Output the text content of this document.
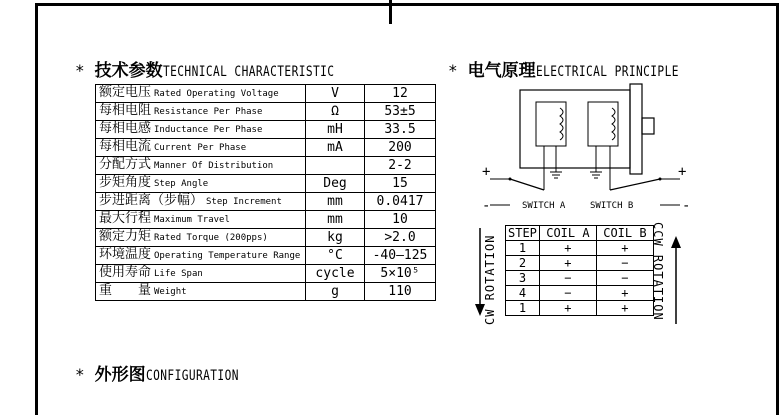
* 技术参数TECHNICAL CHARACTERISTIC
额定电压 Rated Operating Voltage	V	12
每相电阻 Resistance Per Phase	Ω	53±5
每相电感 Inductance Per Phase	mH	33.5
每相电流 Current Per Phase	mA	200
分配方式 Manner Of Distribution		2-2
步矩角度 Step Angle	Deg	15
步进距离（步幅） Step Increment	mm	0.0417
最大行程 Maximum Travel	mm	10
额定力矩 Rated Torque (200pps)	kg	>2.0
环境温度 Operating Temperature Range	°C	-40—125
使用寿命 Life Span	cycle	5×10⁵
重　　量 Weight	g	110
* 电气原理ELECTRICAL PRINCIPLE
+
-
+
-
SWITCH A	SWITCH B
STEP	COIL A	COIL B
1	+	+
2	+	−
3	−	−
4	−	+
1	+	+
CW ROTATION	CCW ROTATION
* 外形图CONFIGURATION
